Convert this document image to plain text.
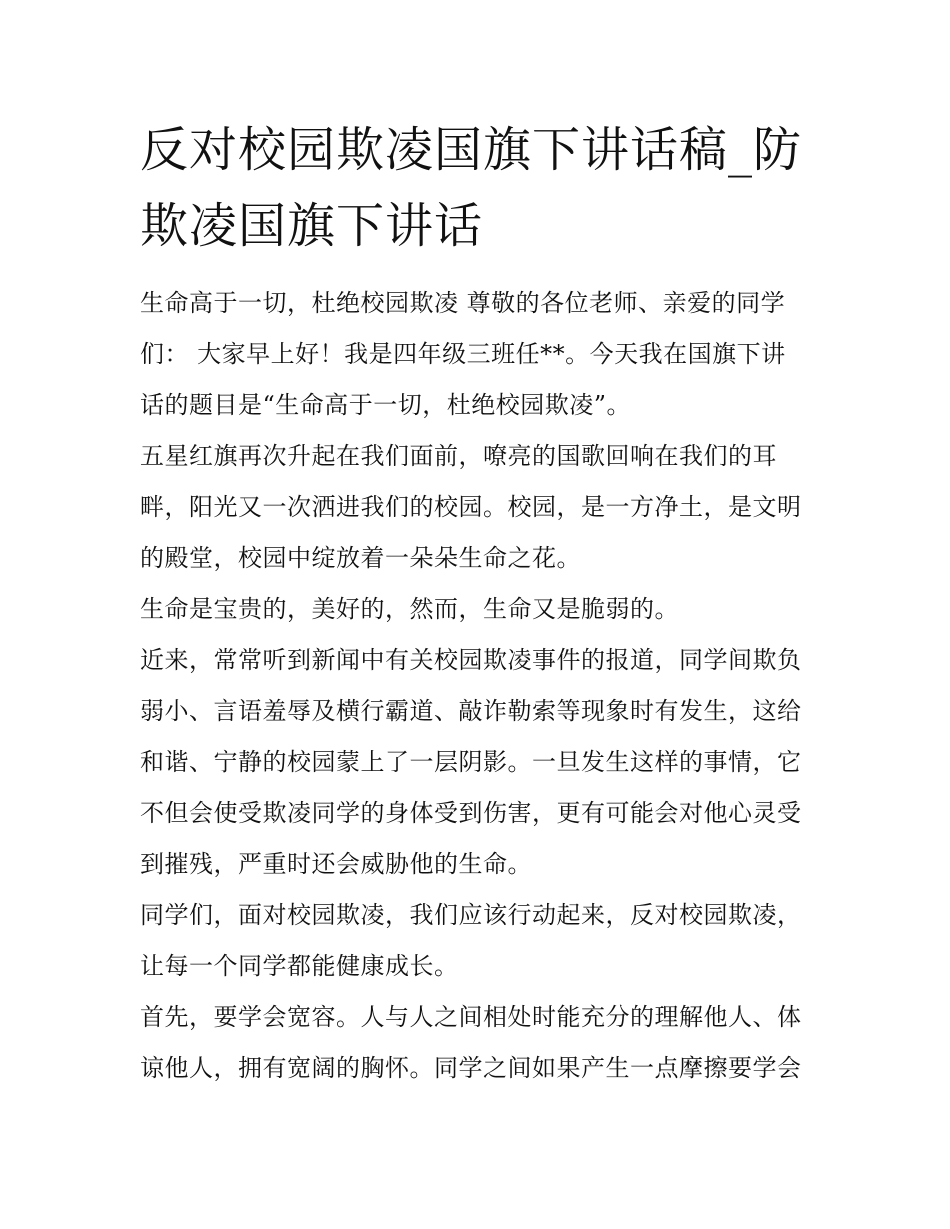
反对校园欺凌国旗下讲话稿_防
欺凌国旗下讲话

生命高于一切，杜绝校园欺凌 尊敬的各位老师、亲爱的同学
们： 大家早上好！我是四年级三班任**。今天我在国旗下讲
话的题目是“生命高于一切，杜绝校园欺凌”。

五星红旗再次升起在我们面前，嘹亮的国歌回响在我们的耳
畔，阳光又一次洒进我们的校园。校园，是一方净土，是文明
的殿堂，校园中绽放着一朵朵生命之花。

生命是宝贵的，美好的，然而，生命又是脆弱的。

近来，常常听到新闻中有关校园欺凌事件的报道，同学间欺负
弱小、言语羞辱及横行霸道、敲诈勒索等现象时有发生，这给
和谐、宁静的校园蒙上了一层阴影。一旦发生这样的事情，它
不但会使受欺凌同学的身体受到伤害，更有可能会对他心灵受
到摧残，严重时还会威胁他的生命。

同学们，面对校园欺凌，我们应该行动起来，反对校园欺凌，
让每一个同学都能健康成长。

首先，要学会宽容。人与人之间相处时能充分的理解他人、体
谅他人，拥有宽阔的胸怀。同学之间如果产生一点摩擦要学会
